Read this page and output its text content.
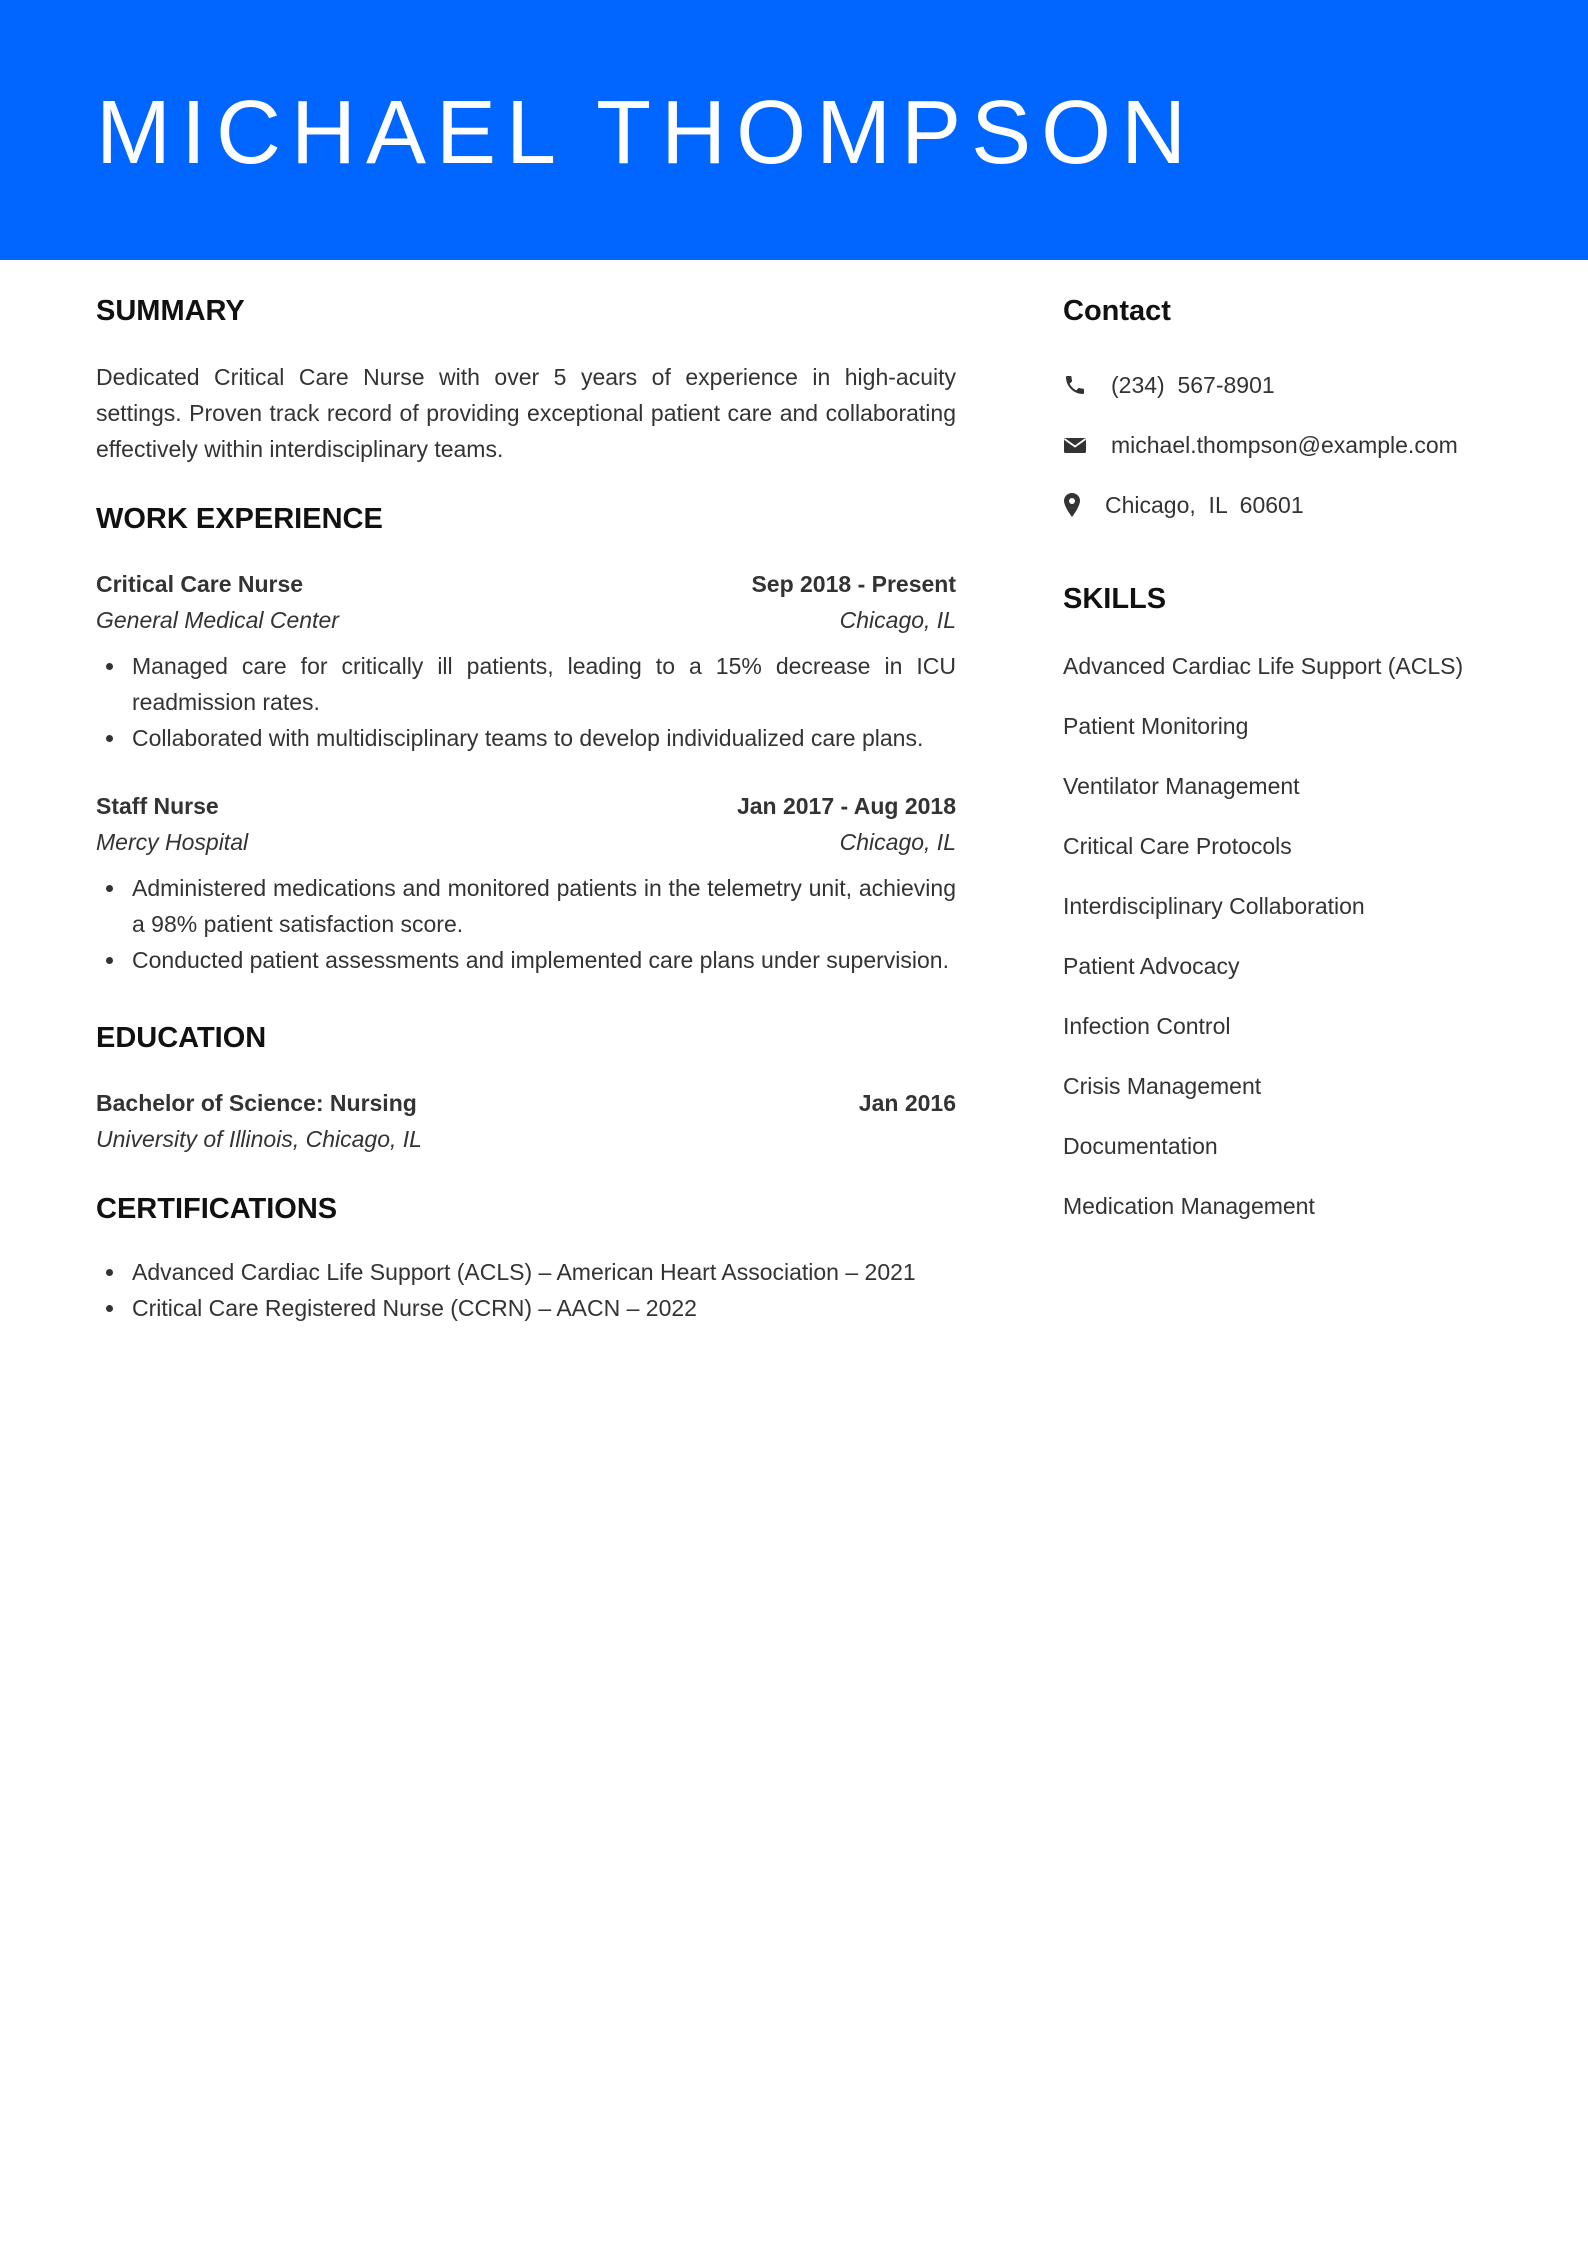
MICHAEL THOMPSON
SUMMARY

Dedicated Critical Care Nurse with over 5 years of experience in high-acuity settings. Proven track record of providing exceptional patient care and collaborating effectively within interdisciplinary teams.

WORK EXPERIENCE
Critical Care Nurse	Sep 2018 - Present
General Medical Center	Chicago, IL
Managed care for critically ill patients, leading to a 15% decrease in ICU readmission rates.
Collaborated with multidisciplinary teams to develop individualized care plans.
Staff Nurse	Jan 2017 - Aug 2018
Mercy Hospital	Chicago, IL
Administered medications and monitored patients in the telemetry unit, achieving a 98% patient satisfaction score.
Conducted patient assessments and implemented care plans under supervision.
EDUCATION
Bachelor of Science: Nursing	Jan 2016
University of Illinois, Chicago, IL
CERTIFICATIONS
Advanced Cardiac Life Support (ACLS) – American Heart Association – 2021
Critical Care Registered Nurse (CCRN) – AACN – 2022
Contact
(234)  567-8901
michael.thompson@example.com
Chicago,  IL  60601
SKILLS
Advanced Cardiac Life Support (ACLS)
Patient Monitoring
Ventilator Management
Critical Care Protocols
Interdisciplinary Collaboration
Patient Advocacy
Infection Control
Crisis Management
Documentation
Medication Management
